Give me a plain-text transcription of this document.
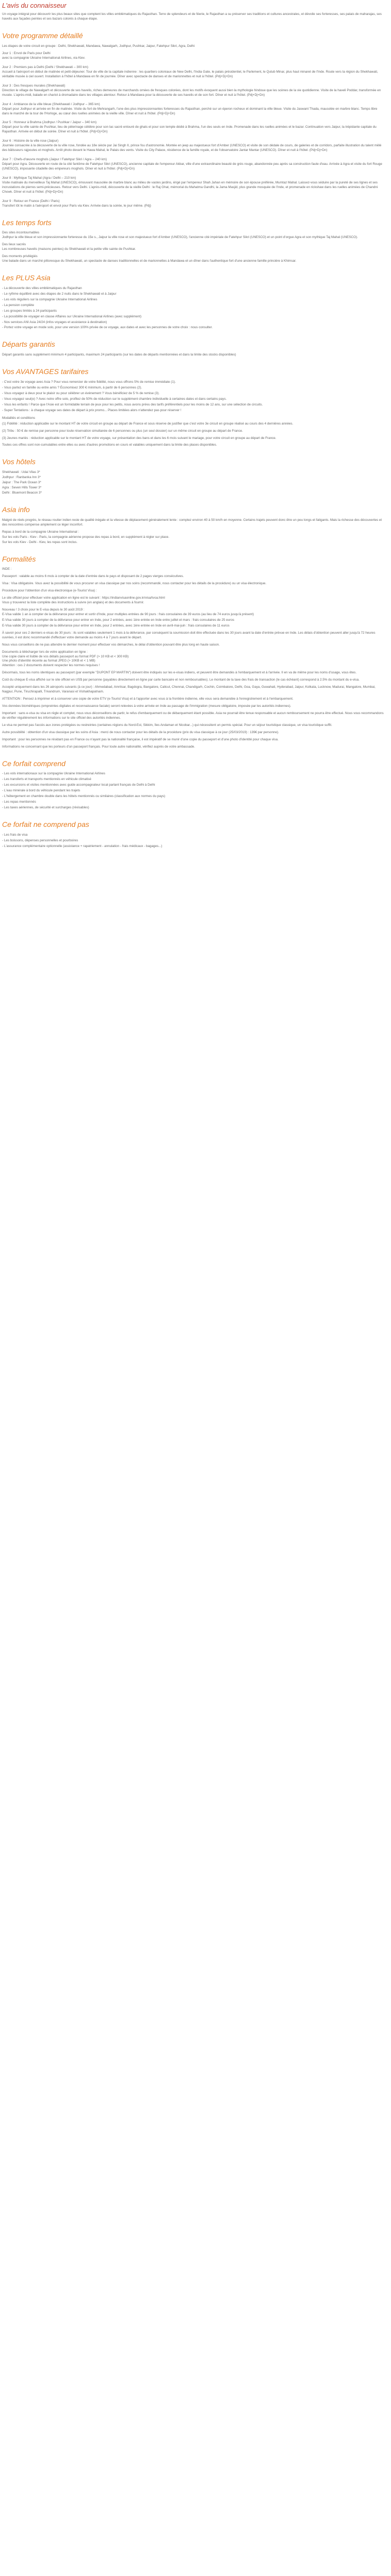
L'avis du connaisseur

Un voyage intégral pour découvrir les plus beaux sites que comptent les villes emblématiques du Rajasthan. Terre de splendeurs et de féerie, le Rajasthan a su préserver ses traditions et cultures ancestrales, et dévoile ses forteresses, ses palais de maharajas, ses havelis aux façades peintes et ses bazars colorés à chaque étape.

Votre programme détaillé

Les étapes de votre circuit en groupe : Delhi, Shekhawati, Mandawa, Nawalgarh, Jodhpur, Pushkar, Jaipur, Fatehpur Sikri, Agra, Delhi

Jour 1 : Envol de Paris pour Delhi
avec la compagnie Ukraine International Airlines, via Kiev.
Jour 2 : Premiers pas à Delhi (Delhi / Shekhawati – 300 km)
Accueil à l'aéroport en début de matinée et petit-déjeuner. Tour de ville de la capitale indienne : les quartiers coloniaux de New Delhi, l'India Gate, le palais présidentiel, le Parlement, le Qutub Minar, plus haut minaret de l'Inde. Route vers la région du Shekhawati, véritable musée à ciel ouvert. Installation à l'hôtel à Mandawa en fin de journée. Dîner avec spectacle de danses et de marionnettes et nuit à l'hôtel. (Pdj+Dj+Dn)
Jour 3 : Des fresques murales (Shekhawati)
Direction le village de Nawalgarh et découverte de ses havelis, riches demeures de marchands ornées de fresques colorées, dont les motifs évoquent aussi bien la mythologie hindoue que les scènes de la vie quotidienne. Visite de la haveli Poddar, transformée en musée. L'après-midi, balade en chariot à dromadaire dans les villages alentour. Retour à Mandawa pour la découverte de ses havelis et de son fort. Dîner et nuit à l'hôtel. (Pdj+Dj+Dn)
Jour 4 : Ambiance de la ville bleue (Shekhawati / Jodhpur – 365 km)
Départ pour Jodhpur et arrivée en fin de matinée. Visite du fort de Mehrangarh, l'une des plus impressionnantes forteresses du Rajasthan, perché sur un éperon rocheux et dominant la ville bleue. Visite du Jaswant Thada, mausolée en marbre blanc. Temps libre dans le marché de la tour de l'Horloge, au cœur des ruelles animées de la vieille ville. Dîner et nuit à l'hôtel. (Pdj+Dj+Dn)
Jour 5 : Honneur à Brahma (Jodhpur / Pushkar / Jaipur – 340 km)
Départ pour la ville sainte de Pushkar, lieu de pèlerinage célèbre pour son lac sacré entouré de ghats et pour son temple dédié à Brahma, l'un des seuls en Inde. Promenade dans les ruelles animées et le bazar. Continuation vers Jaipur, la trépidante capitale du Rajasthan. Arrivée en début de soirée. Dîner et nuit à l'hôtel. (Pdj+Dj+Dn)
Jour 6 : Histoire de la ville rose (Jaipur)
Journée consacrée à la découverte de la ville rose, fondée au 18e siècle par Jai Singh II, prince fou d'astronomie. Montée en jeep au majestueux fort d'Amber (UNESCO) et visite de son dédale de cours, de galeries et de corridors, parfaite illustration du talent mêlé des bâtisseurs rajpoutes et moghols. Arrêt photo devant le Hawa Mahal, le Palais des vents. Visite du City Palace, résidence de la famille royale, et de l'observatoire Jantar Mantar (UNESCO). Dîner et nuit à l'hôtel. (Pdj+Dj+Dn)
Jour 7 : Chefs-d'œuvre moghols (Jaipur / Fatehpur Sikri / Agra – 240 km)
Départ pour Agra. Découverte en route de la cité fantôme de Fatehpur Sikri (UNESCO), ancienne capitale de l'empereur Akbar, ville d'une extraordinaire beauté de grès rouge, abandonnée peu après sa construction faute d'eau. Arrivée à Agra et visite du fort Rouge (UNESCO), imposante citadelle des empereurs moghols. Dîner et nuit à l'hôtel. (Pdj+Dj+Dn)
Jour 8 : Mythique Taj Mahal (Agra / Delhi – 210 km)
Visite matinale du merveilleux Taj Mahal (UNESCO), émouvant mausolée de marbre blanc au milieu de vastes jardins, érigé par l'empereur Shah Jahan en mémoire de son épouse préférée, Mumtaz Mahal. Laissez-vous séduire par la pureté de ses lignes et ses incrustations de pierres semi-précieuses. Retour vers Delhi. L'après-midi, découverte de la vieille Delhi : le Raj Ghat, mémorial du Mahatma Gandhi, la Jama Masjid, plus grande mosquée de l'Inde, et promenade en rickshaw dans les ruelles animées de Chandni Chowk. Dîner et nuit à l'hôtel. (Pdj+Dj+Dn)
Jour 9 : Retour en France (Delhi / Paris)
Transfert tôt le matin à l'aéroport et envol pour Paris via Kiev. Arrivée dans la soirée, le jour même. (Pdj)
Les temps forts

Des sites incontournables

Jodhpur la ville bleue et son impressionnante forteresse du 15e s., Jaipur la ville rose et son majestueux fort d'Amber (UNESCO), l'ancienne cité impériale de Fatehpur Sikri (UNESCO) et un point d'orgue Agra et son mythique Taj Mahal (UNESCO).

Des lieux sacrés

Les nombreuses havelis (maisons peintes) du Shekhawati et la petite ville sainte de Pushkar.

Des moments privilégiés

Une balade dans un marché pittoresque du Shekhawati, un spectacle de danses traditionnelles et de marionnettes à Mandawa et un dîner dans l'authentique fort d'une ancienne famille princière à Khimsar.

Les PLUS Asia
- La découverte des villes emblématiques du Rajasthan
- Le rythme équilibré avec des étapes de 2 nuits dans le Shekhawati et à Jaipur
- Les vols réguliers sur la compagnie Ukraine International Airlines
- La pension complète
- Les groupes limités à 24 participants
- La possibilité de voyager en classe Affaires sur Ukraine International Airlines (avec supplément)
- Nos services ANI Asia 24/24 (infos voyages et assistance à destination)
- Portez votre voyage en mode solo, pour une version 100% privée de ce voyage, aux dates et avec les personnes de votre choix : nous consulter.
Départs garantis

Départ garantis sans supplément minimum 4 participants, maximum 24 participants (sur les dates de départs mentionnées et dans la limite des stocks disponibles)

Vos AVANTAGES tarifaires
- C'est votre 3e voyage avec Asia ? Pour vous remercier de votre fidélité, nous vous offrons 5% de remise immédiate (1).
- Vous partez en famille ou entre amis ? Économisez 300 € minimum, à partir de 6 personnes (2).
- Vous voyagez à deux pour le plaisir ou pour célébrer un événement ? Vous bénéficiez de 5 % de remise (3).
- Vous voyagez seul(e) ? Avec notre offre solo, profitez de 50% de réduction sur le supplément chambre individuelle à certaines dates et dans certains pays.
- Vous les enfants ! Parce que l'Asie est un formidable terrain de jeux pour les petits, nous avons prévu des tarifs préférentiels pour les moins de 12 ans, sur une sélection de circuits.
- Super Tentations : à chaque voyage ses dates de départ à prix promo... Places limitées alors n'attendez pas pour réserver !

Modalités et conditions

(1) Fidélité : réduction applicable sur le montant HT de votre circuit en groupe au départ de France et sous réserve de justifier que c'est votre 3e circuit en groupe réalisé au cours des 4 dernières années.

(2) Tribu : 50 € de remise par personne pour toute réservation simultanée de 6 personnes ou plus (un seul dossier) sur un même circuit en groupe au départ de France.

(3) Jeunes mariés : réduction applicable sur le montant HT de votre voyage, sur présentation des bans et dans les 6 mois suivant le mariage, pour votre circuit en groupe au départ de France.

Toutes ces offres sont non-cumulables entre elles ou avec d'autres promotions en cours et valables uniquement dans la limite des places disponibles.

Vos hôtels
Shekhawati : Udai Vilas 3*
Jodhpur : Ranbanka Inn 3*
Jaipur : The Park Ocean 3*
Agra : Seven Hills Tower 3*
Delhi : Bluemont Beacon 3*
Asia info

Malgré de réels progrès, le réseau routier indien reste de qualité inégale et la vitesse de déplacement généralement lente : comptez environ 40 à 50 km/h en moyenne. Certains trajets peuvent donc être un peu longs et fatigants. Mais la richesse des découvertes et des rencontres compense amplement ce léger inconfort.

Repas à bord de la compagnie Ukraine International :
Sur les vols Paris - Kiev - Paris, la compagnie aérienne propose des repas à bord, en supplément à régler sur place.
Sur les vols Kiev - Delhi - Kiev, les repas sont inclus.
Formalités

INDE :

Passeport : valable au moins 6 mois à compter de la date d'entrée dans le pays et disposant de 2 pages vierges consécutives.

Visa : Visa obligatoire. Vous avez la possibilité de vous procurer un visa classique par nos soins (recommandé, nous contacter pour les détails de la procédure) ou un visa électronique.

Procédure pour l'obtention d'un visa électronique (e-Tourist Visa) :

Le site officiel pour effectuer votre application en ligne est le suivant : https://indianvisaonline.gov.in/visa/tvoa.html

Vous y trouverez la liste complète des instructions à suivre (en anglais) et des documents à fournir.

Nouveau ! 3 choix pour le E-visa depuis le 30 août 2019 :

E-Visa valide 1 an à compter de la délivrance pour entrer et sortir d'Inde, pour multiples entrées de 90 jours : frais consulaires de 39 euros (au lieu de 74 euros jusqu'à présent)

E-Visa valide 30 jours à compter de la délivrance pour entrer en Inde, pour 2 entrées, avec 1ère entrée en Inde entre juillet et mars : frais consulaires de 25 euros

E-Visa valide 30 jours à compter de la délivrance pour entrer en Inde, pour 2 entrées, avec 1ère entrée en Inde en avril-mai-juin : frais consulaires de 11 euros

À savoir pour ces 2 derniers e-visas de 30 jours : ils sont valables seulement 1 mois à la délivrance, par conséquent la soumission doit être effectuée dans les 30 jours avant la date d'entrée prévue en Inde. Les délais d'obtention peuvent aller jusqu'à 72 heures ouvrées, il est donc recommandé d'effectuer votre demande au moins 4 à 7 jours avant le départ.

Nous vous conseillons de ne pas attendre le dernier moment pour effectuer vos démarches, le délai d'obtention pouvant être plus long en haute saison.

Documents à télécharger lors de votre application en ligne :

Une copie claire et lisible de vos détails passeport au format PDF (> 10 KB et < 300 KB)

Une photo d'identité récente au format JPEG (> 10KB et < 1 MB)

Attention : ces 2 documents doivent respecter les normes requises !

Désormais, tous les noms identiques au passeport (par exemple "DUPONT EP MARTIN") doivent être indiqués sur les e-visas indiens, et peuvent être demandés à l'embarquement et à l'arrivée. Il en va de même pour les noms d'usage, vous êtes.

Coût du chèque E-visa affiché sur le site officiel en US$ par personne (payables directement en ligne par carte bancaire et non remboursables). Le montant de la taxe des frais de transaction (le cas échéant) correspond à 2.5% du montant du e-visa.

Accepté uniquement dans les 26 aéroports suivants (à ce jour) : Ahmedabad, Amritsar, Bagdogra, Bangalore, Calicut, Chennai, Chandigarh, Cochin, Coimbatore, Delhi, Goa, Gaya, Guwahati, Hyderabad, Jaipur, Kolkata, Lucknow, Madurai, Mangalore, Mumbai, Nagpur, Pune, Tiruchirapalli, Trivandrum, Varanasi et Vishakhapatnam.

ATTENTION : Pensez à imprimer et à conserver une copie de votre ETV (e-Tourist Visa) et à l'apporter avec vous à la frontière indienne, elle vous sera demandée à l'enregistrement et à l'embarquement.

Vos données biométriques (empreintes digitales et reconnaissance faciale) seront relevées à votre arrivée en Inde au passage de l'immigration (mesure obligatoire, imposée par les autorités indiennes).

Important : sans e-visa ou visa en règle et complet, nous vous déconseillons de partir, le refus d'embarquement ou de débarquement étant possible. Asia ne pourrait être tenue responsable et aucun remboursement ne pourra être effectué. Nous vous recommandons de vérifier régulièrement les informations sur le site officiel des autorités indiennes.

Le visa ne permet pas l'accès aux zones protégées ou restreintes (certaines régions du Nord-Est, Sikkim, îles Andaman et Nicobar...) qui nécessitent un permis spécial. Pour un séjour touristique classique, un visa touristique suffit.

Autre possibilité : obtention d'un visa classique par les soins d'Asia : merci de nous contacter pour les détails de la procédure (prix du visa classique à ce jour (25/03/2019) : 139€ par personne).

Important : pour les personnes ne résidant pas en France ou n'ayant pas la nationalité française, il est impératif de se munir d'une copie du passeport et d'une photo d'identité pour chaque visa.

Informations ne concernant que les porteurs d'un passeport français. Pour toute autre nationalité, vérifiez auprès de votre ambassade.

Ce forfait comprend
- Les vols internationaux sur la compagnie Ukraine International Airlines
- Les transferts et transports mentionnés en véhicule climatisé
- Les excursions et visites mentionnées avec guide accompagnateur local parlant français de Delhi à Delhi
- L'eau minérale à bord du véhicule pendant les trajets
- L'hébergement en chambre double dans les hôtels mentionnés ou similaires (classification aux normes du pays)
- Les repas mentionnés
- Les taxes aériennes, de sécurité et surcharges (révisables)
Ce forfait ne comprend pas
- Les frais de visa
- Les boissons, dépenses personnelles et pourboires
- L'assurance complémentaire optionnelle (assistance + rapatriement - annulation - frais médicaux - bagages...)
